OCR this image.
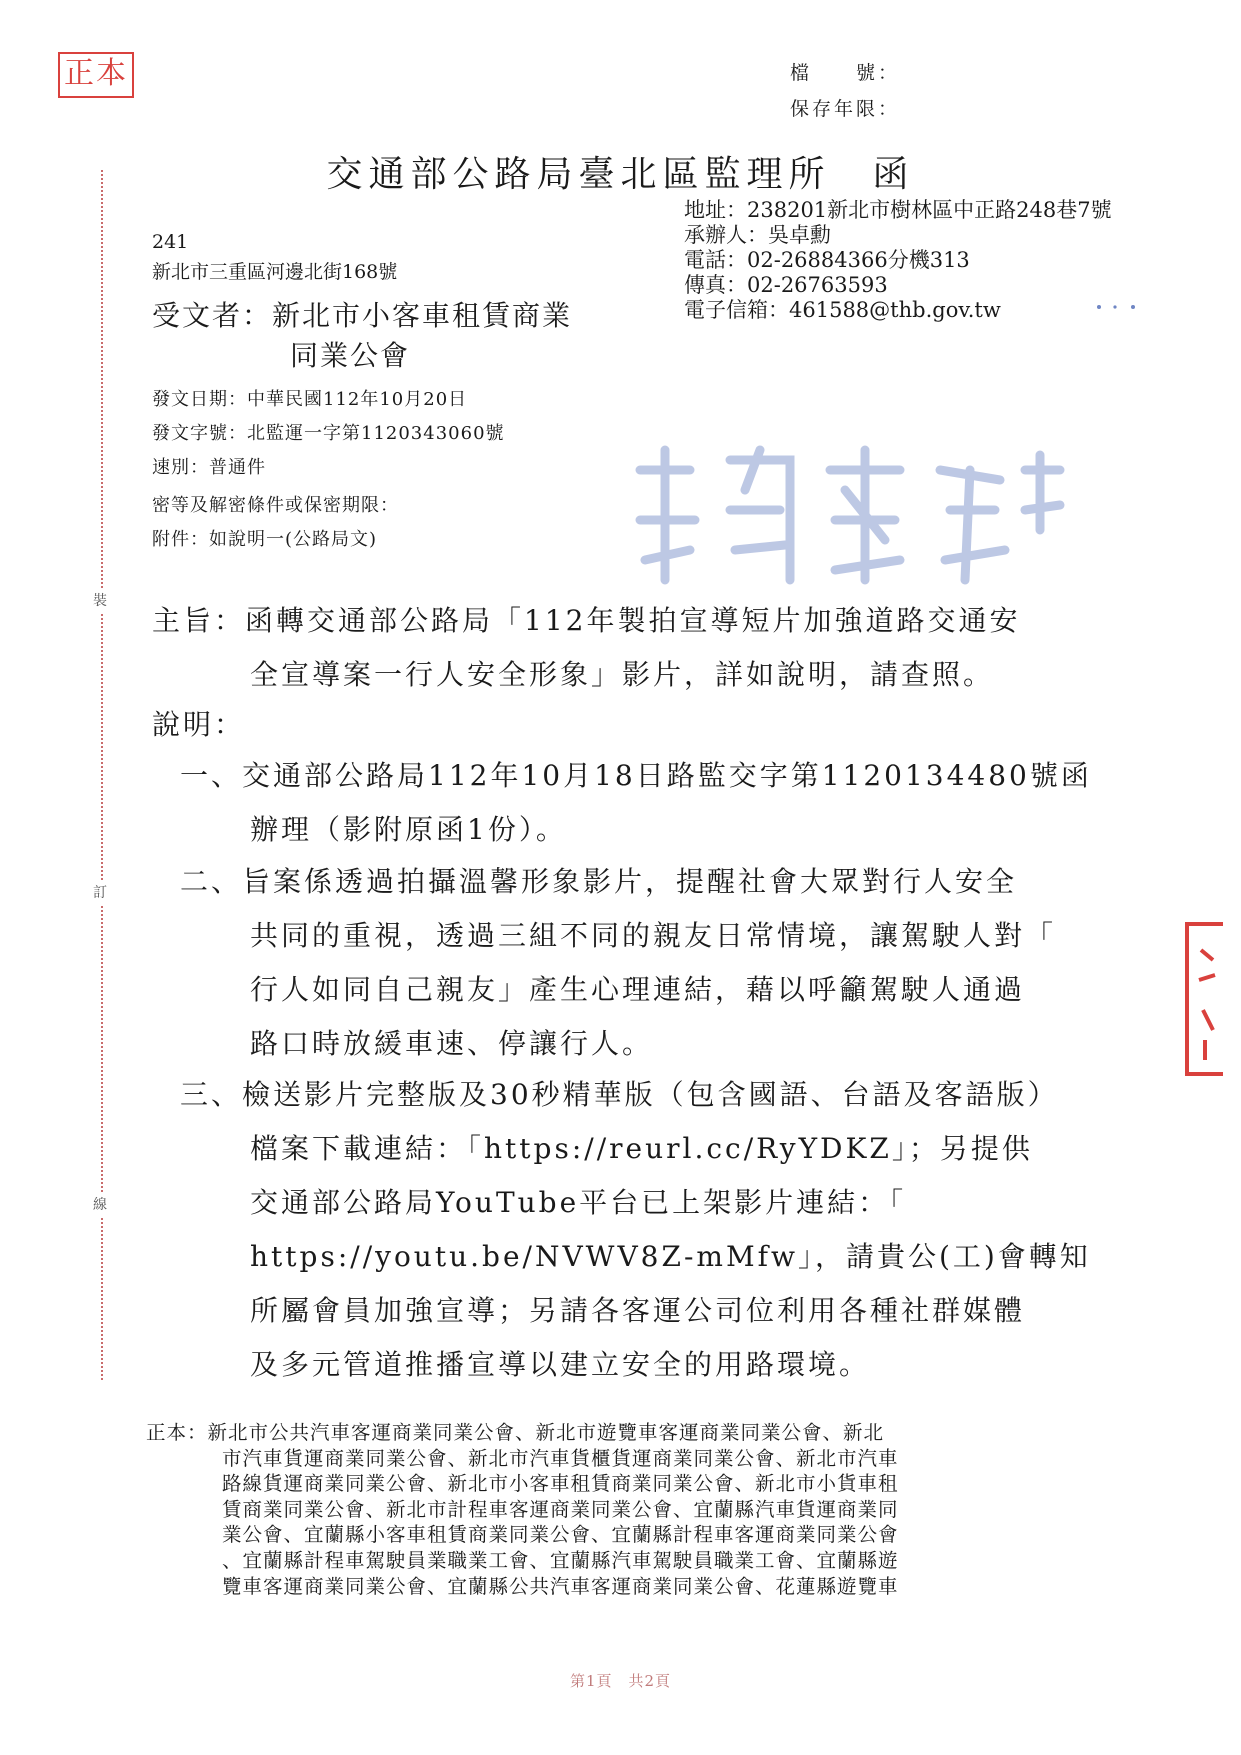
正本	檔　　號：
保存年限：
交通部公路局臺北區監理所　函
地址：238201新北市樹林區中正路248巷7號
承辦人：吳卓勳
電話：02-26884366分機313
傳真：02-26763593
電子信箱：461588@thb.gov.tw
241
新北市三重區河邊北街168號
受文者：新北市小客車租賃商業
同業公會
發文日期：中華民國112年10月20日
發文字號：北監運一字第1120343060號
速別：普通件
密等及解密條件或保密期限：
附件：如說明一(公路局文)
裝
訂
線
主旨：函轉交通部公路局「112年製拍宣導短片加強道路交通安
全宣導案一行人安全形象」影片，詳如說明，請查照。
說明：
一、交通部公路局112年10月18日路監交字第1120134480號函
辦理（影附原函1份）。
二、旨案係透過拍攝溫馨形象影片，提醒社會大眾對行人安全
共同的重視，透過三組不同的親友日常情境，讓駕駛人對「
行人如同自己親友」產生心理連結，藉以呼籲駕駛人通過
路口時放緩車速、停讓行人。
三、檢送影片完整版及30秒精華版（包含國語、台語及客語版）
檔案下載連結：「https://reurl.cc/RyYDKZ」；另提供
交通部公路局YouTube平台已上架影片連結：「
https://youtu.be/NVWV8Z-mMfw」，請貴公(工)會轉知
所屬會員加強宣導；另請各客運公司位利用各種社群媒體
及多元管道推播宣導以建立安全的用路環境。
正本：新北市公共汽車客運商業同業公會、新北市遊覽車客運商業同業公會、新北
市汽車貨運商業同業公會、新北市汽車貨櫃貨運商業同業公會、新北市汽車
路線貨運商業同業公會、新北市小客車租賃商業同業公會、新北市小貨車租
賃商業同業公會、新北市計程車客運商業同業公會、宜蘭縣汽車貨運商業同
業公會、宜蘭縣小客車租賃商業同業公會、宜蘭縣計程車客運商業同業公會
、宜蘭縣計程車駕駛員業職業工會、宜蘭縣汽車駕駛員職業工會、宜蘭縣遊
覽車客運商業同業公會、宜蘭縣公共汽車客運商業同業公會、花蓮縣遊覽車
第1頁　共2頁
